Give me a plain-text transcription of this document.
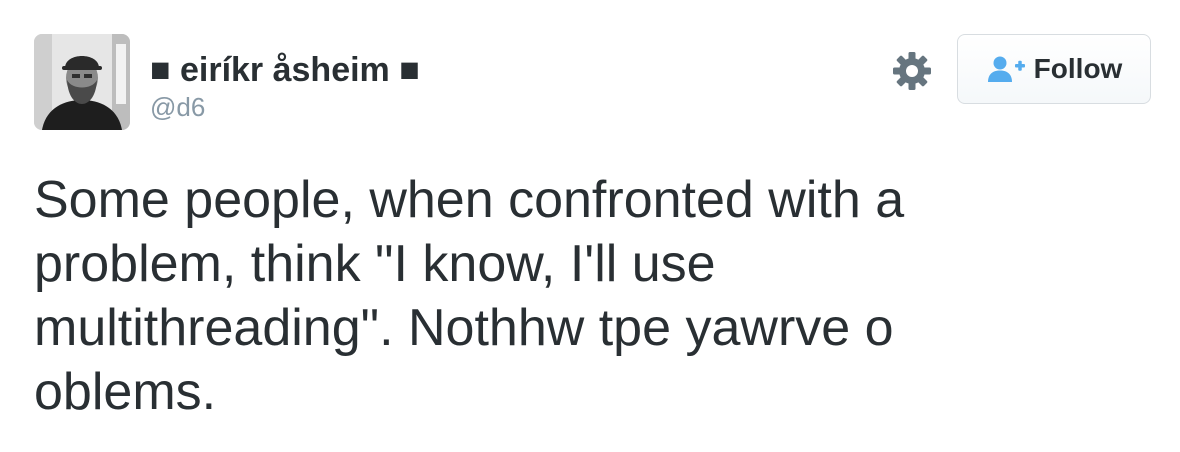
■ eiríkr åsheim ■
@d6
Follow

Some people, when confronted with a problem, think "I know, I'll use multithreading". Nothhw tpe yawrve o oblems.
